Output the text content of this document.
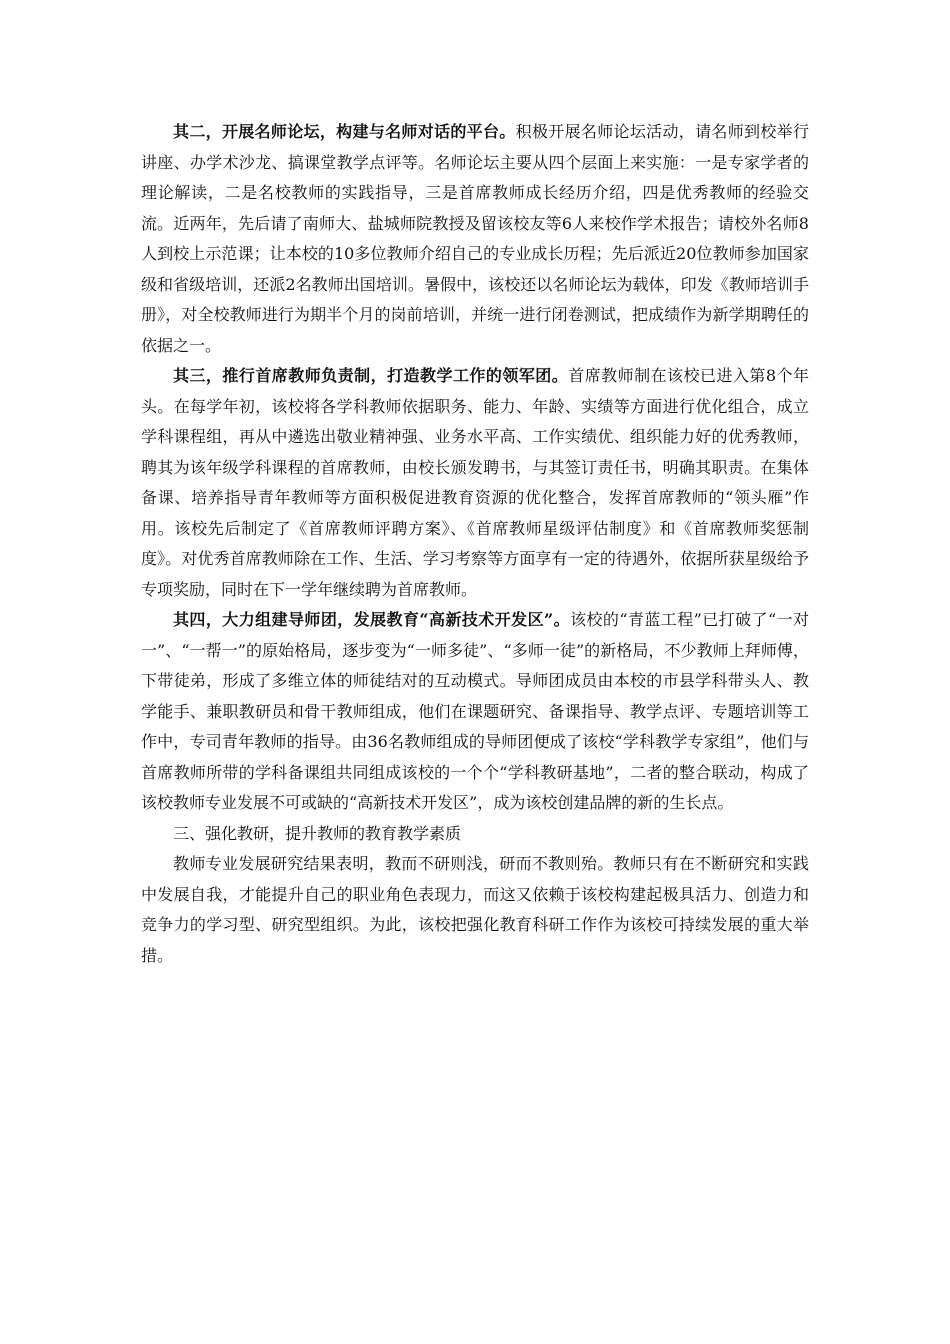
其二，开展名师论坛，构建与名师对话的平台。积极开展名师论坛活动，请名师到校举行讲座、办学术沙龙、搞课堂教学点评等。名师论坛主要从四个层面上来实施：一是专家学者的理论解读，二是名校教师的实践指导，三是首席教师成长经历介绍，四是优秀教师的经验交流。近两年，先后请了南师大、盐城师院教授及留该校友等6人来校作学术报告；请校外名师8人到校上示范课；让本校的10多位教师介绍自己的专业成长历程；先后派近20位教师参加国家级和省级培训，还派2名教师出国培训。暑假中，该校还以名师论坛为载体，印发《教师培训手册》，对全校教师进行为期半个月的岗前培训，并统一进行闭卷测试，把成绩作为新学期聘任的依据之一。

其三，推行首席教师负责制，打造教学工作的领军团。首席教师制在该校已进入第8个年头。在每学年初，该校将各学科教师依据职务、能力、年龄、实绩等方面进行优化组合，成立学科课程组，再从中遴选出敬业精神强、业务水平高、工作实绩优、组织能力好的优秀教师，聘其为该年级学科课程的首席教师，由校长颁发聘书，与其签订责任书，明确其职责。在集体备课、培养指导青年教师等方面积极促进教育资源的优化整合，发挥首席教师的“领头雁”作用。该校先后制定了《首席教师评聘方案》、《首席教师星级评估制度》和《首席教师奖惩制度》。对优秀首席教师除在工作、生活、学习考察等方面享有一定的待遇外，依据所获星级给予专项奖励，同时在下一学年继续聘为首席教师。

其四，大力组建导师团，发展教育“高新技术开发区”。该校的“青蓝工程”已打破了“一对一”、“一帮一”的原始格局，逐步变为“一师多徒”、“多师一徒”的新格局，不少教师上拜师傅，下带徒弟，形成了多维立体的师徒结对的互动模式。导师团成员由本校的市县学科带头人、教学能手、兼职教研员和骨干教师组成，他们在课题研究、备课指导、教学点评、专题培训等工作中，专司青年教师的指导。由36名教师组成的导师团便成了该校“学科教学专家组”，他们与首席教师所带的学科备课组共同组成该校的一个个“学科教研基地”，二者的整合联动，构成了该校教师专业发展不可或缺的“高新技术开发区”，成为该校创建品牌的新的生长点。

三、强化教研，提升教师的教育教学素质

教师专业发展研究结果表明，教而不研则浅，研而不教则殆。教师只有在不断研究和实践中发展自我，才能提升自己的职业角色表现力，而这又依赖于该校构建起极具活力、创造力和竞争力的学习型、研究型组织。为此，该校把强化教育科研工作作为该校可持续发展的重大举措。
